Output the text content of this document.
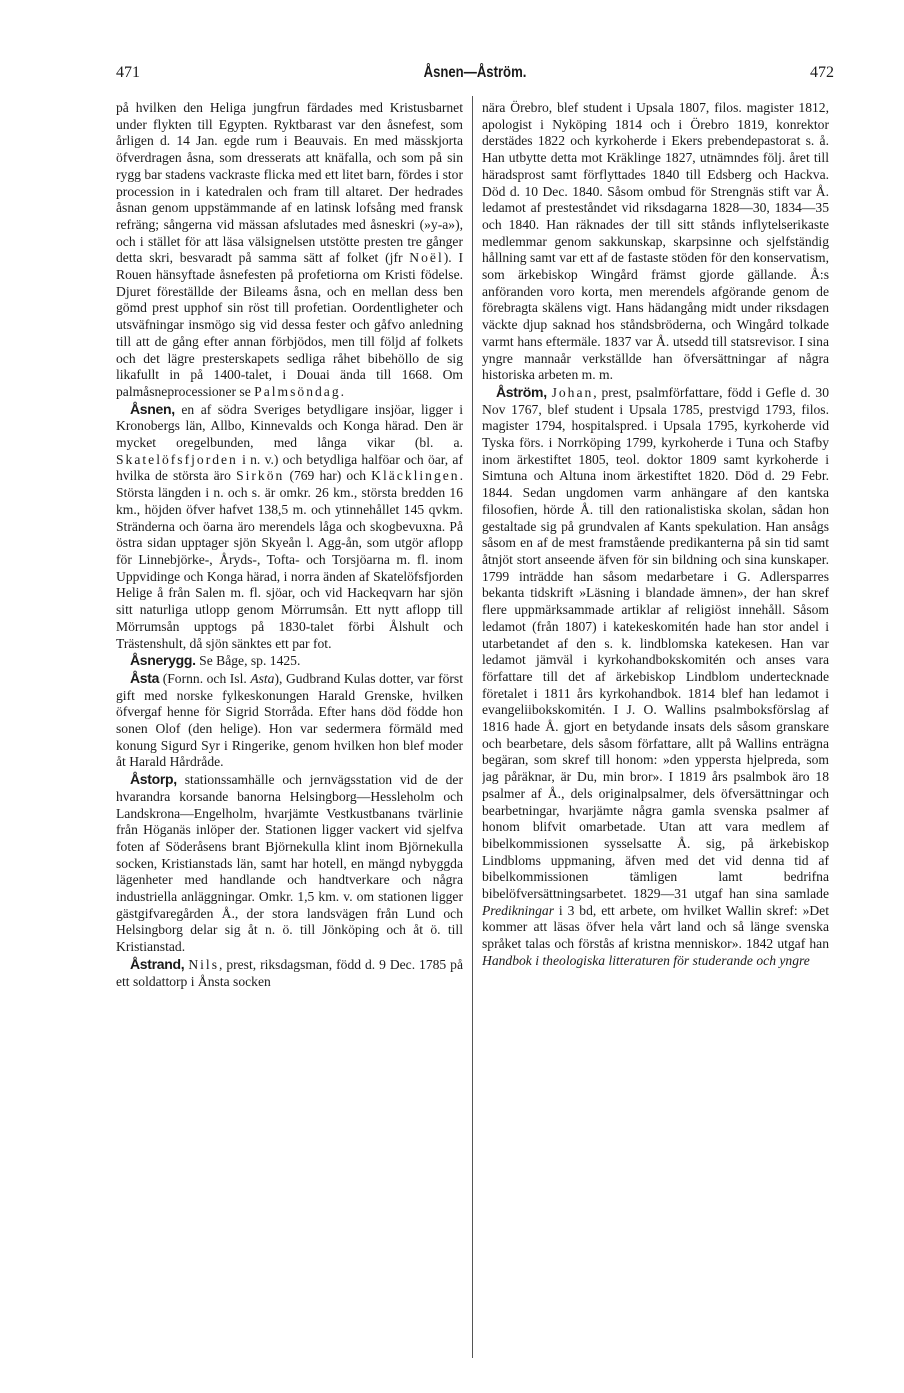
471	Åsnen—Åström.	472

på hvilken den Heliga jungfrun färdades med Kristusbarnet under flykten till Egypten. Ryktbarast var den åsnefest, som årligen d. 14 Jan. egde rum i Beauvais. En med mässkjorta öfverdragen åsna, som dresserats att knäfalla, och som på sin rygg bar stadens vackraste flicka med ett litet barn, fördes i stor procession in i katedralen och fram till altaret. Der hedrades åsnan genom uppstämmande af en latinsk lofsång med fransk refräng; sångerna vid mässan afslutades med åsneskri (»y-a»), och i stället för att läsa välsignelsen utstötte presten tre gånger detta skri, besvaradt på samma sätt af folket (jfr Noël). I Rouen hänsyftade åsnefesten på profetiorna om Kristi födelse. Djuret föreställde der Bileams åsna, och en mellan dess ben gömd prest upphof sin röst till profetian. Oordentligheter och utsväfningar insmögo sig vid dessa fester och gåfvo anledning till att de gång efter annan förbjödos, men till följd af folkets och det lägre presterskapets sedliga råhet bibehöllo de sig likafullt in på 1400-talet, i Douai ända till 1668. Om palmåsneprocessioner se Palmsöndag.

Åsnen, en af södra Sveriges betydligare insjöar, ligger i Kronobergs län, Allbo, Kinnevalds och Konga härad. Den är mycket oregelbunden, med långa vikar (bl. a. Skatelöfsfjorden i n. v.) och betydliga halföar och öar, af hvilka de största äro Sirkön (769 har) och Kläcklingen. Största längden i n. och s. är omkr. 26 km., största bredden 16 km., höjden öfver hafvet 138,5 m. och ytinnehållet 145 qvkm. Stränderna och öarna äro merendels låga och skogbevuxna. På östra sidan upptager sjön Skyeån l. Agg-ån, som utgör aflopp för Linnebjörke-, Åryds-, Tofta- och Torsjöarna m. fl. inom Uppvidinge och Konga härad, i norra änden af Skatelöfsfjorden Helige å från Salen m. fl. sjöar, och vid Hackeqvarn har sjön sitt naturliga utlopp genom Mörrumsån. Ett nytt aflopp till Mörrumsån upptogs på 1830-talet förbi Ålshult och Trästenshult, då sjön sänktes ett par fot.

Åsnerygg. Se Båge, sp. 1425.

Åsta (Fornn. och Isl. Asta), Gudbrand Kulas dotter, var först gift med norske fylkeskonungen Harald Grenske, hvilken öfvergaf henne för Sigrid Storråda. Efter hans död födde hon sonen Olof (den helige). Hon var sedermera förmäld med konung Sigurd Syr i Ringerike, genom hvilken hon blef moder åt Harald Hårdråde.

Åstorp, stationssamhälle och jernvägsstation vid de der hvarandra korsande banorna Helsingborg—Hessleholm och Landskrona—Engelholm, hvarjämte Vestkustbanans tvärlinie från Höganäs inlöper der. Stationen ligger vackert vid sjelfva foten af Söderåsens brant Björnekulla klint inom Björnekulla socken, Kristianstads län, samt har hotell, en mängd nybyggda lägenheter med handlande och handtverkare och några industriella anläggningar. Omkr. 1,5 km. v. om stationen ligger gästgifvaregården Å., der stora landsvägen från Lund och Helsingborg delar sig åt n. ö. till Jönköping och åt ö. till Kristianstad.

Åstrand, Nils, prest, riksdagsman, född d. 9 Dec. 1785 på ett soldattorp i Ånsta socken

nära Örebro, blef student i Upsala 1807, filos. magister 1812, apologist i Nyköping 1814 och i Örebro 1819, konrektor derstädes 1822 och kyrkoherde i Ekers prebendepastorat s. å. Han utbytte detta mot Kräklinge 1827, utnämndes följ. året till häradsprost samt förflyttades 1840 till Edsberg och Hackva. Död d. 10 Dec. 1840. Såsom ombud för Strengnäs stift var Å. ledamot af presteståndet vid riksdagarna 1828—30, 1834—35 och 1840. Han räknades der till sitt stånds inflytelserikaste medlemmar genom sakkunskap, skarpsinne och sjelfständig hållning samt var ett af de fastaste stöden för den konservatism, som ärkebiskop Wingård främst gjorde gällande. Å:s anföranden voro korta, men merendels afgörande genom de förebragta skälens vigt. Hans hädangång midt under riksdagen väckte djup saknad hos ståndsbröderna, och Wingård tolkade varmt hans eftermäle. 1837 var Å. utsedd till statsrevisor. I sina yngre mannaår verkställde han öfversättningar af några historiska arbeten m. m.

Åström, Johan, prest, psalmförfattare, född i Gefle d. 30 Nov 1767, blef student i Upsala 1785, prestvigd 1793, filos. magister 1794, hospitalspred. i Upsala 1795, kyrkoherde vid Tyska förs. i Norrköping 1799, kyrkoherde i Tuna och Stafby inom ärkestiftet 1805, teol. doktor 1809 samt kyrkoherde i Simtuna och Altuna inom ärkestiftet 1820. Död d. 29 Febr. 1844. Sedan ungdomen varm anhängare af den kantska filosofien, hörde Å. till den rationalistiska skolan, sådan hon gestaltade sig på grundvalen af Kants spekulation. Han ansågs såsom en af de mest framstående predikanterna på sin tid samt åtnjöt stort anseende äfven för sin bildning och sina kunskaper. 1799 inträdde han såsom medarbetare i G. Adlersparres bekanta tidskrift »Läsning i blandade ämnen», der han skref flere uppmärksammade artiklar af religiöst innehåll. Såsom ledamot (från 1807) i katekeskomitén hade han stor andel i utarbetandet af den s. k. lindblomska katekesen. Han var ledamot jämväl i kyrkohandbokskomitén och anses vara författare till det af ärkebiskop Lindblom undertecknade företalet i 1811 års kyrkohandbok. 1814 blef han ledamot i evangeliibokskomitén. I J. O. Wallins psalmboksförslag af 1816 hade Å. gjort en betydande insats dels såsom granskare och bearbetare, dels såsom författare, allt på Wallins enträgna begäran, som skref till honom: »den yppersta hjelpreda, som jag påräknar, är Du, min bror». I 1819 års psalmbok äro 18 psalmer af Å., dels originalpsalmer, dels öfversättningar och bearbetningar, hvarjämte några gamla svenska psalmer af honom blifvit omarbetade. Utan att vara medlem af bibelkommissionen sysselsatte Å. sig, på ärkebiskop Lindbloms uppmaning, äfven med det vid denna tid af bibelkommissionen tämligen lamt bedrifna bibelöfversättningsarbetet. 1829—31 utgaf han sina samlade Predikningar i 3 bd, ett arbete, om hvilket Wallin skref: »Det kommer att läsas öfver hela vårt land och så länge svenska språket talas och förstås af kristna menniskor». 1842 utgaf han Handbok i theologiska litteraturen för studerande och yngre
